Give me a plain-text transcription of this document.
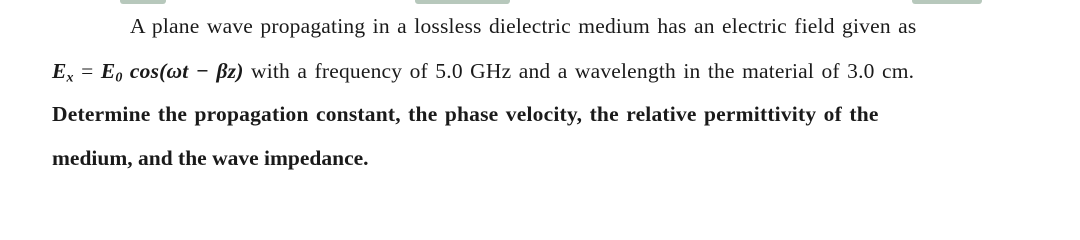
A plane wave propagating in a lossless dielectric medium has an electric field given as
$E_x = E_0$ cos(ωt − βz) with a frequency of 5.0 GHz and a wavelength in the material of 3.0 cm.
Determine the propagation constant, the phase velocity, the relative permittivity of the
medium, and the wave impedance.
